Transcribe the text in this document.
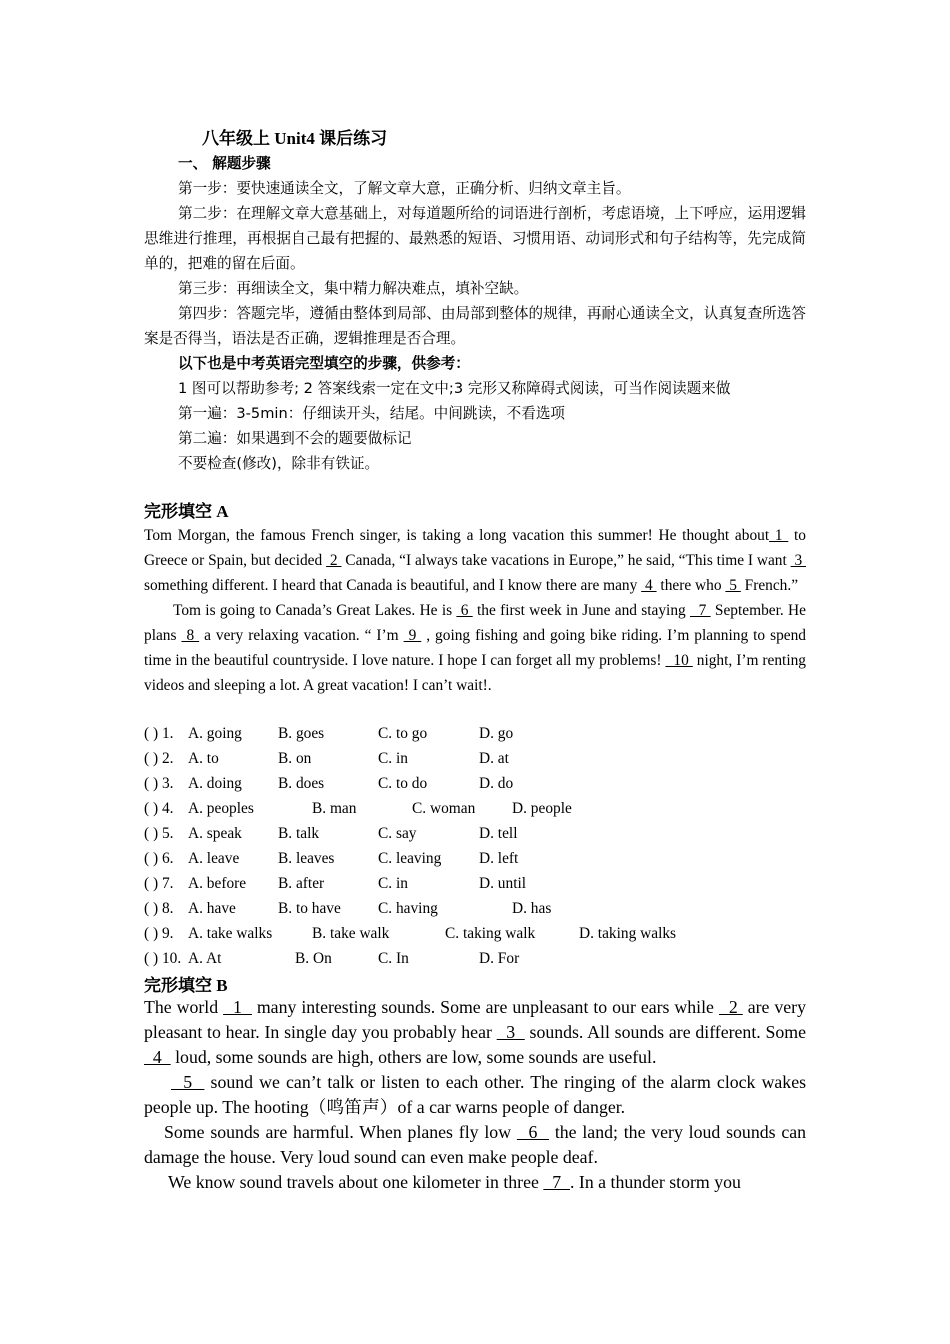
八年级上 Unit4 课后练习

一、 解题步骤

第一步：要快速通读全文，了解文章大意，正确分析、归纳文章主旨。

第二步：在理解文章大意基础上，对每道题所给的词语进行剖析，考虑语境，上下呼应，运用逻辑思维进行推理，再根据自己最有把握的、最熟悉的短语、习惯用语、动词形式和句子结构等，先完成简单的，把难的留在后面。

第三步：再细读全文，集中精力解决难点，填补空缺。

第四步：答题完毕，遵循由整体到局部、由局部到整体的规律，再耐心通读全文，认真复查所选答案是否得当，语法是否正确，逻辑推理是否合理。

以下也是中考英语完型填空的步骤，供参考：

1 图可以帮助参考; 2 答案线索一定在文中;3 完形又称障碍式阅读，可当作阅读题来做

第一遍：3-5min：仔细读开头，结尾。中间跳读，不看选项

第二遍：如果遇到不会的题要做标记

不要检查(修改)，除非有铁证。

完形填空 A

Tom Morgan, the famous French singer, is taking a long vacation this summer! He thought about 1  to Greece or Spain, but decided  2  Canada, “I always take vacations in Europe,” he said, “This time I want  3  something different. I heard that Canada is beautiful, and I know there are many  4  there who  5  French.”

Tom is going to Canada’s Great Lakes. He is  6  the first week in June and staying   7  September. He plans  8  a very relaxing vacation. “ I’m  9  , going fishing and going bike riding. I’m planning to spend time in the beautiful countryside. I love nature. I hope I can forget all my problems!   10  night, I’m renting videos and sleeping a lot. A great vacation! I can’t wait!.

( ) 1. A. going B. goes	C. to go	D. go
( ) 2. A. to	B. on	C. in	D. at
( ) 3. A. doing B. does	C. to do	D. do
( ) 4. A. peoples	B. man	C. woman D. people
( ) 5. A. speak B. talk	C. say	D. tell
( ) 6. A. leave	B. leaves	C. leaving D. left
( ) 7. A. before B. after	C. in	D. until
( ) 8. A. have	B. to have C. having	D. has
( ) 9. A. take walks	B. take walk	C. taking walk	D. taking walks
( ) 10. A. At	B. On	C. In	D. For
完形填空 B

The world   1   many interesting sounds. Some are unpleasant to our ears while   2  are very pleasant to hear. In single day you probably hear   3   sounds. All sounds are different. Some   4   loud, some sounds are high, others are low, some sounds are useful.

5   sound we can’t talk or listen to each other. The ringing of the alarm clock wakes people up. The hooting（鸣笛声）of a car warns people of danger.

Some sounds are harmful. When planes fly low   6   the land; the very loud sounds can damage the house. Very loud sound can even make people deaf.

We know sound travels about one kilometer in three   7  . In a thunder storm you
